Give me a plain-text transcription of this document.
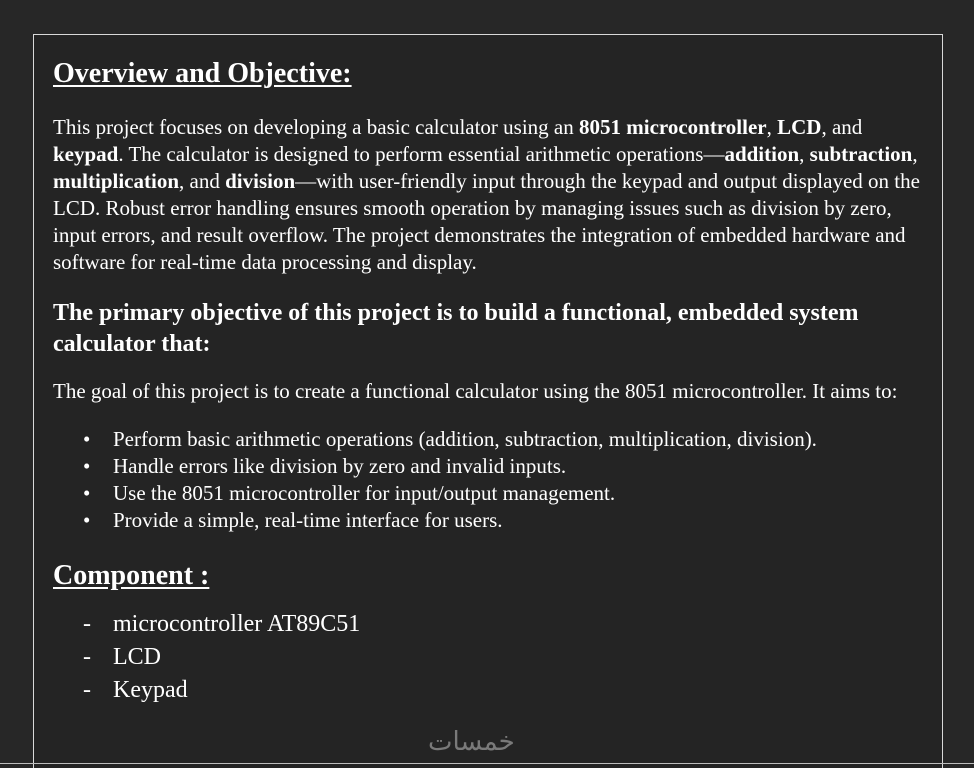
Overview and Objective:

This project focuses on developing a basic calculator using an 8051 microcontroller, LCD, and keypad. The calculator is designed to perform essential arithmetic operations—addition, subtraction, multiplication, and division—with user-friendly input through the keypad and output displayed on the LCD. Robust error handling ensures smooth operation by managing issues such as division by zero, input errors, and result overflow. The project demonstrates the integration of embedded hardware and software for real-time data processing and display.

The primary objective of this project is to build a functional, embedded system calculator that:

The goal of this project is to create a functional calculator using the 8051 microcontroller. It aims to:

• Perform basic arithmetic operations (addition, subtraction, multiplication, division).
• Handle errors like division by zero and invalid inputs.
• Use the 8051 microcontroller for input/output management.
• Provide a simple, real-time interface for users.
Component :
- microcontroller AT89C51
- LCD
- Keypad
خمسات
